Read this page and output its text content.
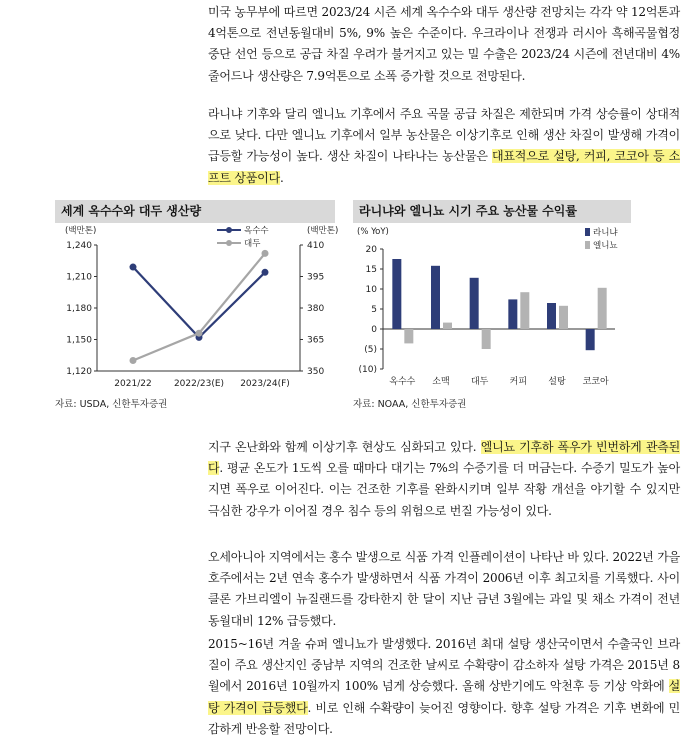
미국 농무부에 따르면 2023/24 시즌 세계 옥수수와 대두 생산량 전망치는 각각 약 12억톤과 4억톤으로 전년동월대비 5%, 9% 높은 수준이다. 우크라이나 전쟁과 러시아 흑해곡물협정 중단 선언 등으로 공급 차질 우려가 불거지고 있는 밀 수출은 2023/24 시즌에 전년대비 4% 줄어드나 생산량은 7.9억톤으로 소폭 증가할 것으로 전망된다.

라니냐 기후와 달리 엘니뇨 기후에서 주요 곡물 공급 차질은 제한되며 가격 상승률이 상대적으로 낮다. 다만 엘니뇨 기후에서 일부 농산물은 이상기후로 인해 생산 차질이 발생해 가격이 급등할 가능성이 높다. 생산 차질이 나타나는 농산물은 대표적으로 설탕, 커피, 코코아 등 소프트 상품이다.

세계 옥수수와 대두 생산량
(백만톤)	(백만톤)
1,120
1,150
1,180
1,210
1,240
350
365
380
395
410
2021/22 2022/23(E) 2023/24(F)
옥수수
대두
자료: USDA, 신한투자증권
라니냐와 엘니뇨 시기 주요 농산물 수익률
(% YoY)
(10)
(5)
0
5
10
15
20
옥수수 소맥 대두 커피 설탕 코코아
라니냐
엘니뇨
자료: NOAA, 신한투자증권

지구 온난화와 함께 이상기후 현상도 심화되고 있다. 엘니뇨 기후하 폭우가 빈번하게 관측된다. 평균 온도가 1도씩 오를 때마다 대기는 7%의 수증기를 더 머금는다. 수증기 밀도가 높아지면 폭우로 이어진다. 이는 건조한 기후를 완화시키며 일부 작황 개선을 야기할 수 있지만 극심한 강우가 이어질 경우 침수 등의 위험으로 번질 가능성이 있다.

오세아니아 지역에서는 홍수 발생으로 식품 가격 인플레이션이 나타난 바 있다. 2022년 가을 호주에서는 2년 연속 홍수가 발생하면서 식품 가격이 2006년 이후 최고치를 기록했다. 사이클론 가브리엘이 뉴질랜드를 강타한지 한 달이 지난 금년 3월에는 과일 및 채소 가격이 전년동월대비 12% 급등했다.

2015~16년 겨울 슈퍼 엘니뇨가 발생했다. 2016년 최대 설탕 생산국이면서 수출국인 브라질이 주요 생산지인 중남부 지역의 건조한 날씨로 수확량이 감소하자 설탕 가격은 2015년 8월에서 2016년 10월까지 100% 넘게 상승했다. 올해 상반기에도 악천후 등 기상 악화에 설탕 가격이 급등했다. 비로 인해 수확량이 늦어진 영향이다. 향후 설탕 가격은 기후 변화에 민감하게 반응할 전망이다.
